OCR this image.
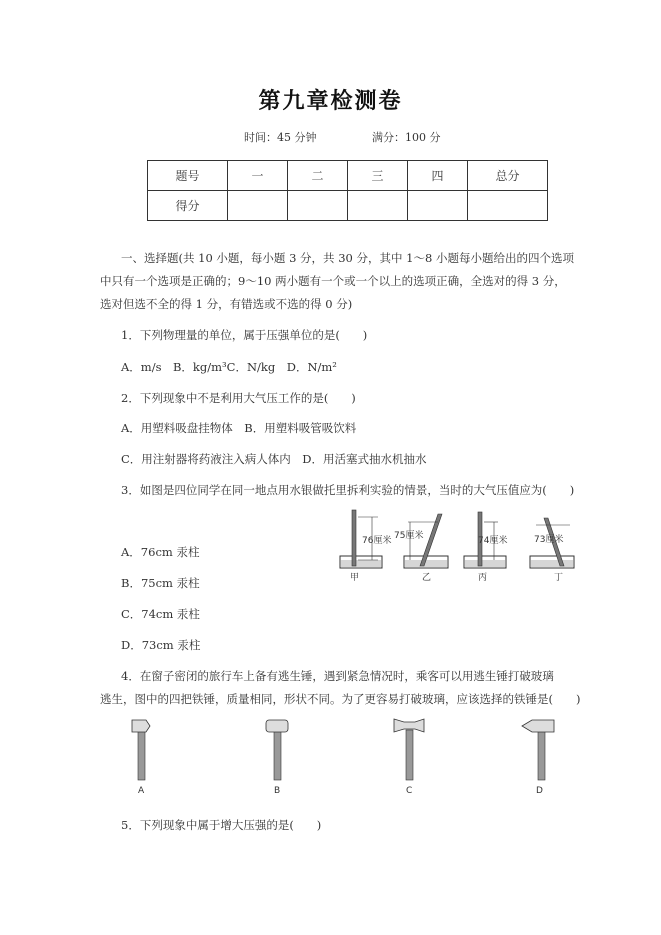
第九章检测卷
时间：45 分钟	满分：100 分
题号	一	二	三	四	总分
得分					
一、选择题(共 10 小题，每小题 3 分，共 30 分，其中 1～8 小题每小题给出的四个选项
中只有一个选项是正确的；9～10 两小题有一个或一个以上的选项正确，全选对的得 3 分，
选对但选不全的得 1 分，有错选或不选的得 0 分)
1．下列物理量的单位，属于压强单位的是(　　)
A．m/s　B．kg/m³C．N/kg　D．N/m²
2．下列现象中不是利用大气压工作的是(　　)
A．用塑料吸盘挂物体　B．用塑料吸管吸饮料
C．用注射器将药液注入病人体内　D．用活塞式抽水机抽水
3．如图是四位同学在同一地点用水银做托里拆利实验的情景，当时的大气压值应为(　　)
A．76cm 汞柱
B．75cm 汞柱
C．74cm 汞柱
D．73cm 汞柱
76厘米
甲
75厘米
乙
74厘米
丙
73厘米
丁
4．在窗子密闭的旅行车上备有逃生锤，遇到紧急情况时，乘客可以用逃生锤打破玻璃
逃生，图中的四把铁锤，质量相同，形状不同。为了更容易打破玻璃，应该选择的铁锤是(　　)
A	B	C	D
5．下列现象中属于增大压强的是(　　)
